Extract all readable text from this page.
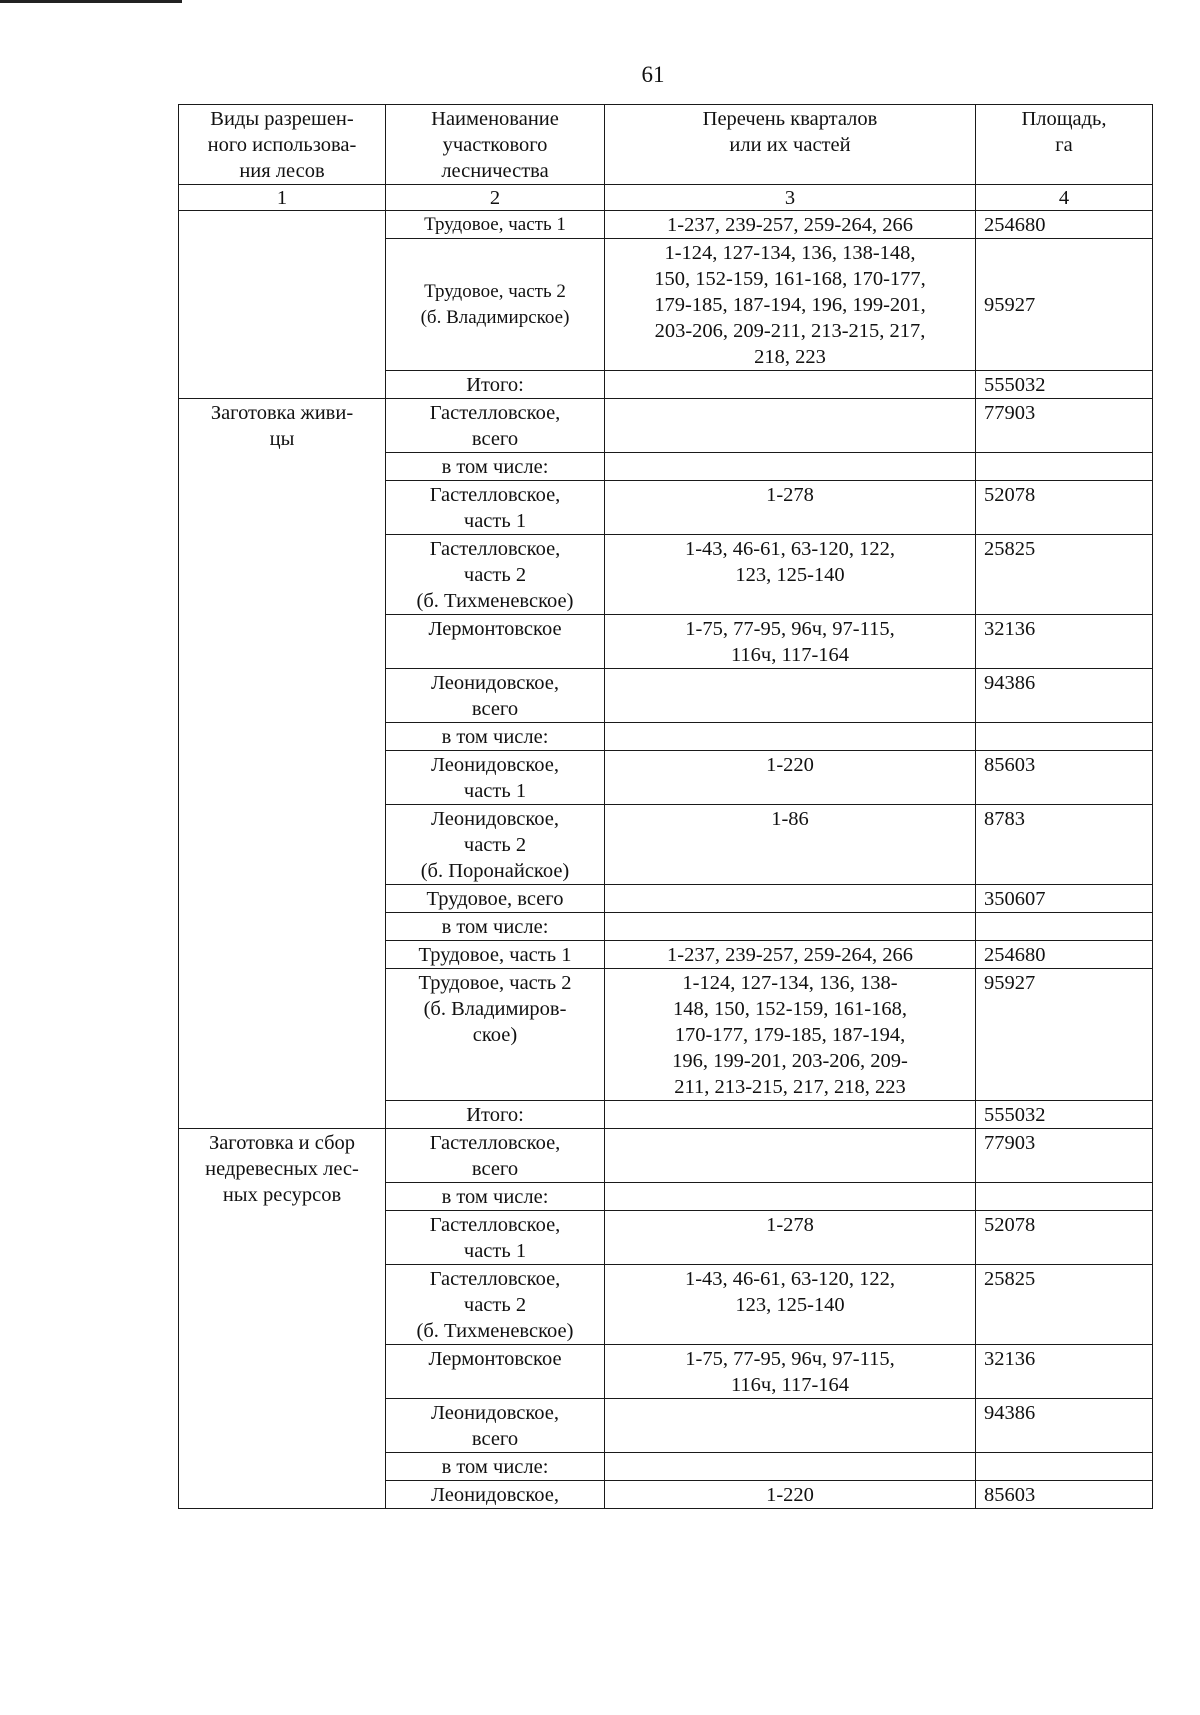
61
Виды разрешен-
ного использова-
ния лесов	Наименование
участкового
лесничества	Перечень кварталов
или их частей	Площадь,
га
1	2	3	4
	Трудовое, часть 1	1-237, 239-257, 259-264, 266	254680
	Трудовое, часть 2
(б. Владимирское)	1-124, 127-134, 136, 138-148,
150, 152-159, 161-168, 170-177,
179-185, 187-194, 196, 199-201,
203-206, 209-211, 213-215, 217,
218, 223	95927
	Итого:		555032
Заготовка живи-
цы	Гастелловское,
всего		77903
	в том числе:		
	Гастелловское,
часть 1	1-278	52078
	Гастелловское,
часть 2
(б. Тихменевское)	1-43, 46-61, 63-120, 122,
123, 125-140	25825
	Лермонтовское	1-75, 77-95, 96ч, 97-115,
116ч, 117-164	32136
	Леонидовское,
всего		94386
	в том числе:		
	Леонидовское,
часть 1	1-220	85603
	Леонидовское,
часть 2
(б. Поронайское)	1-86	8783
	Трудовое, всего		350607
	в том числе:		
	Трудовое, часть 1	1-237, 239-257, 259-264, 266	254680
	Трудовое, часть 2
(б. Владимиров-
ское)	1-124, 127-134, 136, 138-
148, 150, 152-159, 161-168,
170-177, 179-185, 187-194,
196, 199-201, 203-206, 209-
211, 213-215, 217, 218, 223	95927
	Итого:		555032
Заготовка и сбор
недревесных лес-
ных ресурсов	Гастелловское,
всего		77903
	в том числе:		
	Гастелловское,
часть 1	1-278	52078
	Гастелловское,
часть 2
(б. Тихменевское)	1-43, 46-61, 63-120, 122,
123, 125-140	25825
	Лермонтовское	1-75, 77-95, 96ч, 97-115,
116ч, 117-164	32136
	Леонидовское,
всего		94386
	в том числе:		
	Леонидовское,	1-220	85603
